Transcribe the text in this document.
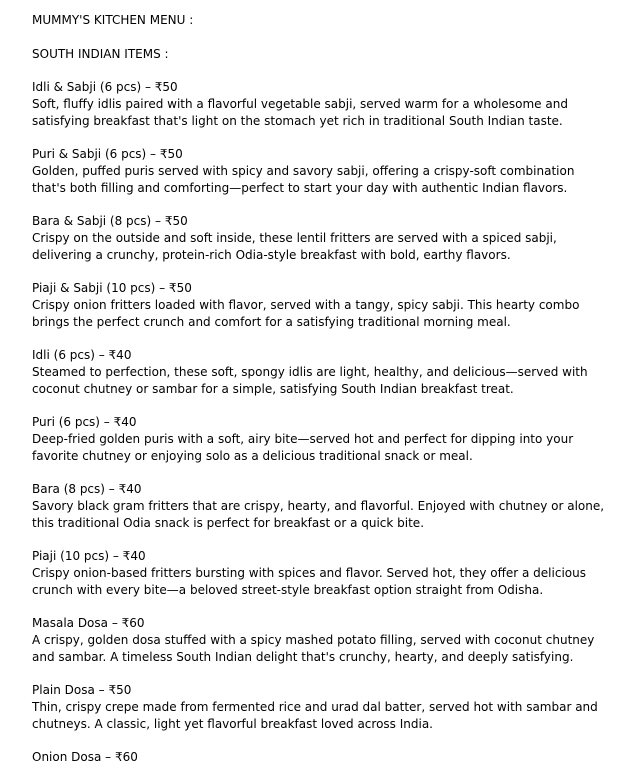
MUMMY'S KITCHEN MENU :
SOUTH INDIAN ITEMS :
Idli & Sabji (6 pcs) – ₹50
Soft, fluffy idlis paired with a flavorful vegetable sabji, served warm for a wholesome and satisfying breakfast that's light on the stomach yet rich in traditional South Indian taste.
Puri & Sabji (6 pcs) – ₹50
Golden, puffed puris served with spicy and savory sabji, offering a crispy-soft combination that's both filling and comforting—perfect to start your day with authentic Indian flavors.
Bara & Sabji (8 pcs) – ₹50
Crispy on the outside and soft inside, these lentil fritters are served with a spiced sabji, delivering a crunchy, protein-rich Odia-style breakfast with bold, earthy flavors.
Piaji & Sabji (10 pcs) – ₹50
Crispy onion fritters loaded with flavor, served with a tangy, spicy sabji. This hearty combo brings the perfect crunch and comfort for a satisfying traditional morning meal.
Idli (6 pcs) – ₹40
Steamed to perfection, these soft, spongy idlis are light, healthy, and delicious—served with coconut chutney or sambar for a simple, satisfying South Indian breakfast treat.
Puri (6 pcs) – ₹40
Deep-fried golden puris with a soft, airy bite—served hot and perfect for dipping into your favorite chutney or enjoying solo as a delicious traditional snack or meal.
Bara (8 pcs) – ₹40
Savory black gram fritters that are crispy, hearty, and flavorful. Enjoyed with chutney or alone, this traditional Odia snack is perfect for breakfast or a quick bite.
Piaji (10 pcs) – ₹40
Crispy onion-based fritters bursting with spices and flavor. Served hot, they offer a delicious crunch with every bite—a beloved street-style breakfast option straight from Odisha.
Masala Dosa – ₹60
A crispy, golden dosa stuffed with a spicy mashed potato filling, served with coconut chutney and sambar. A timeless South Indian delight that's crunchy, hearty, and deeply satisfying.
Plain Dosa – ₹50
Thin, crispy crepe made from fermented rice and urad dal batter, served hot with sambar and chutneys. A classic, light yet flavorful breakfast loved across India.
Onion Dosa – ₹60
